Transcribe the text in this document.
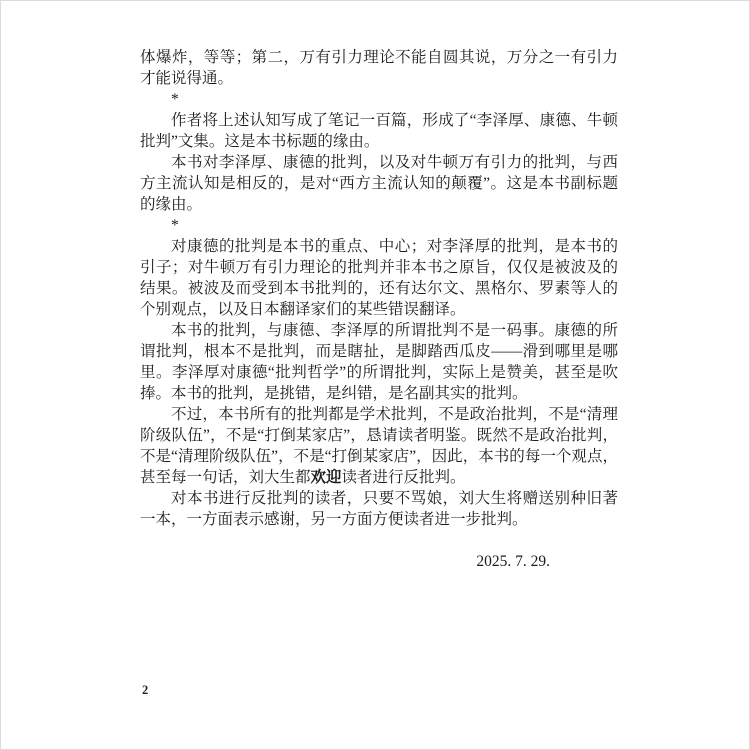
体爆炸，等等；第二，万有引力理论不能自圆其说，万分之一有引力才能说得通。

*

作者将上述认知写成了笔记一百篇，形成了“李泽厚、康德、牛顿批判”文集。这是本书标题的缘由。

本书对李泽厚、康德的批判，以及对牛顿万有引力的批判，与西方主流认知是相反的，是对“西方主流认知的颠覆”。这是本书副标题的缘由。

*

对康德的批判是本书的重点、中心；对李泽厚的批判，是本书的引子；对牛顿万有引力理论的批判并非本书之原旨，仅仅是被波及的结果。被波及而受到本书批判的，还有达尔文、黑格尔、罗素等人的个别观点，以及日本翻译家们的某些错误翻译。

本书的批判，与康德、李泽厚的所谓批判不是一码事。康德的所谓批判，根本不是批判，而是瞎扯，是脚踏西瓜皮——滑到哪里是哪里。李泽厚对康德“批判哲学”的所谓批判，实际上是赞美，甚至是吹捧。本书的批判，是挑错，是纠错，是名副其实的批判。

不过，本书所有的批判都是学术批判，不是政治批判，不是“清理阶级队伍”，不是“打倒某家店”，恳请读者明鉴。既然不是政治批判，不是“清理阶级队伍”，不是“打倒某家店”，因此，本书的每一个观点，甚至每一句话，刘大生都欢迎读者进行反批判。

对本书进行反批判的读者，只要不骂娘，刘大生将赠送别种旧著一本，一方面表示感谢，另一方面方便读者进一步批判。

2025. 7. 29.

2
